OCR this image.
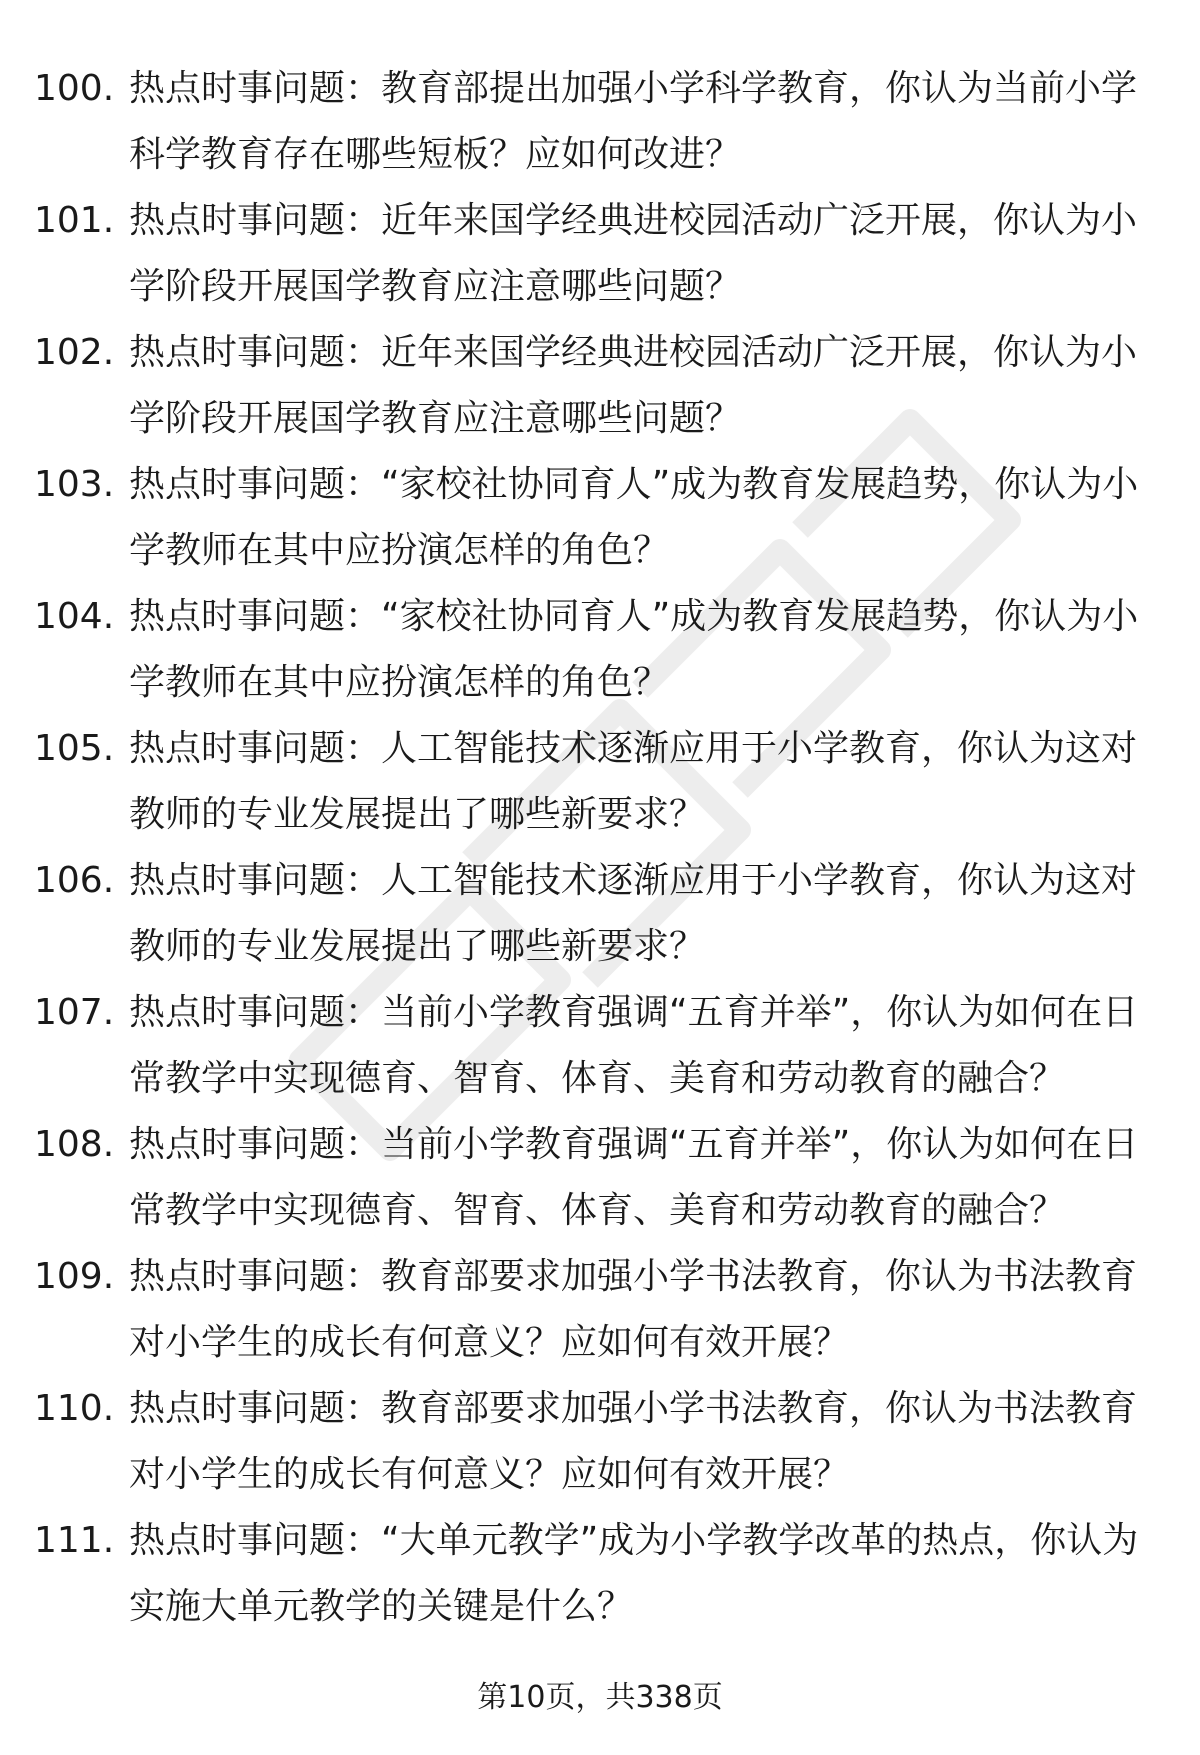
100. 热点时事问题：教育部提出加强小学科学教育，你认为当前小学科学教育存在哪些短板？应如何改进？
101. 热点时事问题：近年来国学经典进校园活动广泛开展，你认为小学阶段开展国学教育应注意哪些问题？
102. 热点时事问题：近年来国学经典进校园活动广泛开展，你认为小学阶段开展国学教育应注意哪些问题？
103. 热点时事问题：“家校社协同育人”成为教育发展趋势，你认为小学教师在其中应扮演怎样的角色？
104. 热点时事问题：“家校社协同育人”成为教育发展趋势，你认为小学教师在其中应扮演怎样的角色？
105. 热点时事问题：人工智能技术逐渐应用于小学教育，你认为这对教师的专业发展提出了哪些新要求？
106. 热点时事问题：人工智能技术逐渐应用于小学教育，你认为这对教师的专业发展提出了哪些新要求？
107. 热点时事问题：当前小学教育强调“五育并举”，你认为如何在日常教学中实现德育、智育、体育、美育和劳动教育的融合？
108. 热点时事问题：当前小学教育强调“五育并举”，你认为如何在日常教学中实现德育、智育、体育、美育和劳动教育的融合？
109. 热点时事问题：教育部要求加强小学书法教育，你认为书法教育对小学生的成长有何意义？应如何有效开展？
110. 热点时事问题：教育部要求加强小学书法教育，你认为书法教育对小学生的成长有何意义？应如何有效开展？
111. 热点时事问题：“大单元教学”成为小学教学改革的热点，你认为实施大单元教学的关键是什么？
第10页，共338页
